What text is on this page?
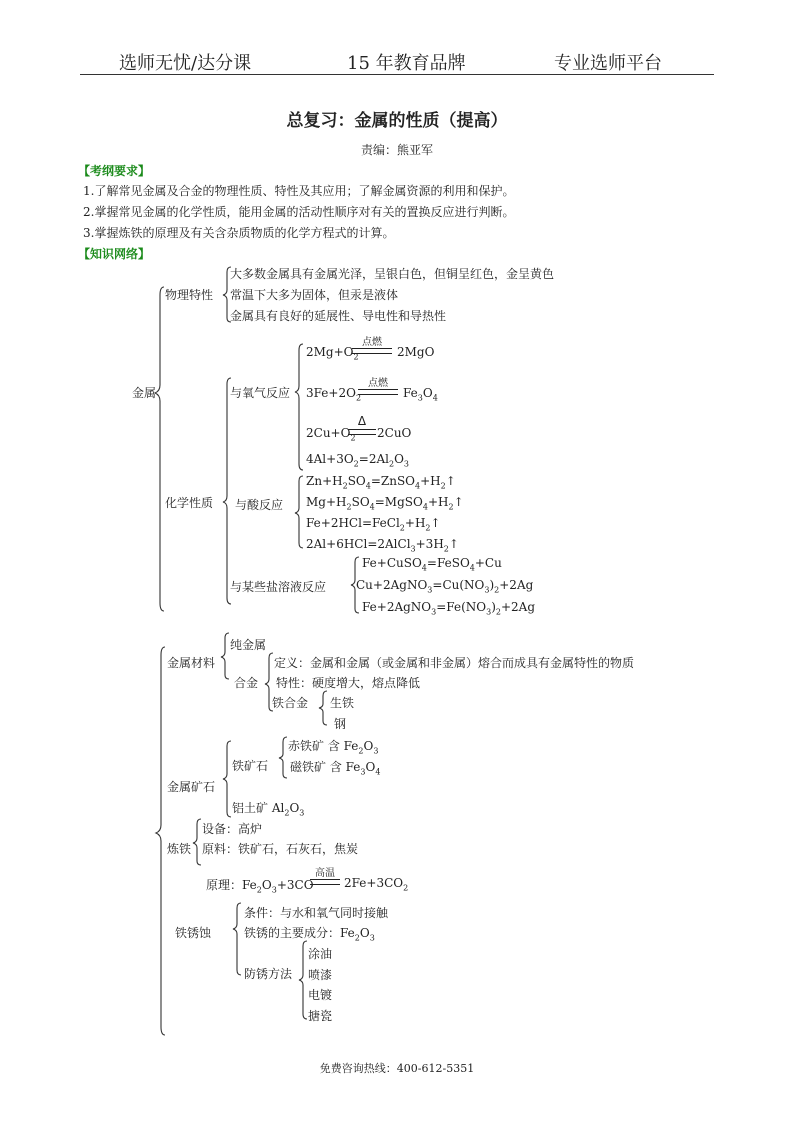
选师无忧/达分课	15 年教育品牌	专业选师平台
总复习：金属的性质（提高）
责编：熊亚军
【考纲要求】
1.了解常见金属及合金的物理性质、特性及其应用；了解金属资源的利用和保护。
2.掌握常见金属的化学性质，能用金属的活动性顺序对有关的置换反应进行判断。
3.掌握炼铁的原理及有关含杂质物质的化学方程式的计算。
【知识网络】
金属
物理特性
大多数金属具有金属光泽，呈银白色，但铜呈红色，金呈黄色
常温下大多为固体，但汞是液体
金属具有良好的延展性、导电性和导热性
化学性质
与氧气反应
$2Mg+O_2$
点燃
2MgO
$3Fe+2O_2$
点燃
$Fe_3O_4$
$2Cu+O_2$
Δ
2CuO
$4Al+3O_2=2Al_2O_3$
与酸反应
$Zn+H_2SO_4=ZnSO_4+H_2↑$
$Mg+H_2SO_4=MgSO_4+H_2↑$
$Fe+2HCl=FeCl_2+H_2↑$
$2Al+6HCl=2AlCl_3+3H_2↑$
与某些盐溶液反应
Fe+CuSO$_4$=FeSO$_4$+Cu
$Cu+2AgNO_3=Cu(NO_3)_2+2Ag$
$Fe+2AgNO_3=Fe(NO_3)_2+2Ag$
金属材料
纯金属
合金
定义：金属和金属（或金属和非金属）熔合而成具有金属特性的物质
特性：硬度增大，熔点降低
铁合金 生铁
钢
金属矿石
铁矿石
赤铁矿 含 $Fe_2O_3$
磁铁矿 含 $Fe_3O_4$
铝土矿 $Al_2O_3$
炼铁
设备：高炉
原料：铁矿石，石灰石，焦炭
原理：$Fe_2O_3+3CO$
高温
$2Fe+3CO_2$
铁锈蚀
条件：与水和氧气同时接触
铁锈的主要成分：$Fe_2O_3$
防锈方法
涂油
喷漆
电镀
搪瓷
免费咨询热线：400-612-5351
